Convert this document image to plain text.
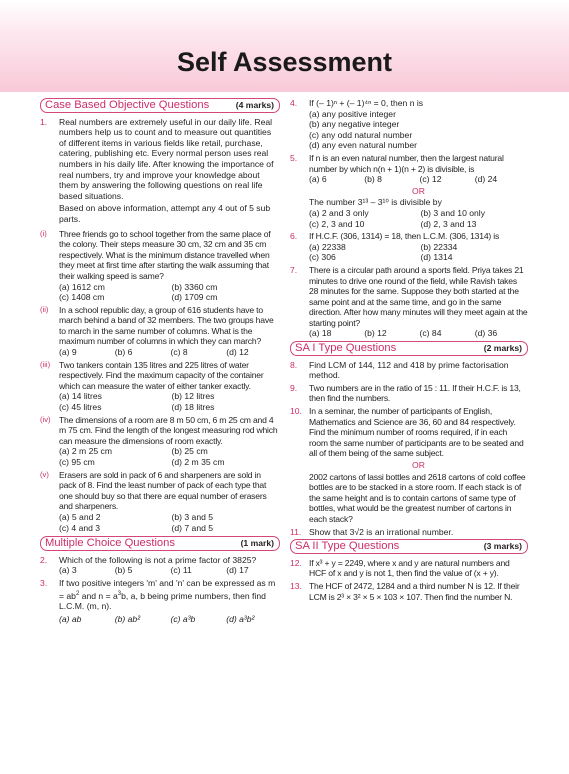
Self Assessment
Case Based Objective Questions	(4 marks)
1.	Real numbers are extremely useful in our daily life. Real numbers help us to count and to measure out quantities of different items in various fields like retail, purchase, catering, publishing etc. Every normal person uses real numbers in his daily life. After knowing the importance of real numbers, try and improve your knowledge about them by answering the following questions on real life based situations.
Based on above information, attempt any 4 out of 5 sub parts.
(i)	Three friends go to school together from the same place of the colony. Their steps measure 30 cm, 32 cm and 35 cm respectively. What is the minimum distance travelled when they meet at first time after starting the walk assuming that their walking speed is same?
(a) 1612 cm	(b) 3360 cm
(c) 1408 cm	(d) 1709 cm
(ii)	In a school republic day, a group of 616 students have to march behind a band of 32 members. The two groups have to march in the same number of columns. What is the maximum number of columns in which they can march?
(a) 9	(b) 6	(c) 8	(d) 12
(iii)	Two tankers contain 135 litres and 225 litres of water respectively. Find the maximum capacity of the container which can measure the water of either tanker exactly.
(a) 14 litres	(b) 12 litres
(c) 45 litres	(d) 18 litres
(iv) The dimensions of a room are 8 m 50 cm, 6 m 25 cm and 4 m 75 cm. Find the length of the longest measuring rod which can measure the dimensions of room exactly.
(a) 2 m 25 cm	(b) 25 cm
(c) 95 cm	(d) 2 m 35 cm
(v)	Erasers are sold in pack of 6 and sharpeners are sold in pack of 8. Find the least number of pack of each type that one should buy so that there are equal number of erasers and sharpeners.
(a) 5 and 2	(b) 3 and 5
(c) 4 and 3	(d) 7 and 5
Multiple Choice Questions	(1 mark)
2.	Which of the following is not a prime factor of 3825?
(a) 3	(b) 5	(c) 11	(d) 17
3.	If two positive integers 'm' and 'n' can be expressed as $m = ab^2$ and $n = a^3b$, a, b being prime numbers, then find L.C.M. (m, n).
(a) ab	(b) ab²	(c) a³b	(d) a³b²
4.	If (– 1)ⁿ + (– 1)⁴ⁿ = 0, then n is
(a) any positive integer
(b) any negative integer
(c) any odd natural number
(d) any even natural number
5.	If n is an even natural number, then the largest natural number by which n(n + 1)(n + 2) is divisible, is
(a) 6	(b) 8	(c) 12	(d) 24
OR
The number 3¹³ – 3¹⁰ is divisible by
(a) 2 and 3 only	(b) 3 and 10 only
(c) 2, 3 and 10	(d) 2, 3 and 13
6.	If H.C.F. (306, 1314) = 18, then L.C.M. (306, 1314) is
(a) 22338	(b) 22334
(c) 306	(d) 1314
7.	There is a circular path around a sports field. Priya takes 21 minutes to drive one round of the field, while Ravish takes 28 minutes for the same. Suppose they both started at the same point and at the same time, and go in the same direction. After how many minutes will they meet again at the starting point?
(a) 18	(b) 12	(c) 84	(d) 36
SA I Type Questions	(2 marks)
8.	Find LCM of 144, 112 and 418 by prime factorisation method.
9.	Two numbers are in the ratio of 15 : 11. If their H.C.F. is 13, then find the numbers.
10. In a seminar, the number of participants of English, Mathematics and Science are 36, 60 and 84 respectively. Find the minimum number of rooms required, if in each room the same number of participants are to be seated and all of them being of the same subject.
OR
2002 cartons of lassi bottles and 2618 cartons of cold coffee bottles are to be stacked in a store room. If each stack is of the same height and is to contain cartons of same type of bottles, what would be the greatest number of cartons in each stack?
11. Show that 3√2 is an irrational number.
SA II Type Questions	(3 marks)
12. If x³ + y = 2249, where x and y are natural numbers and HCF of x and y is not 1, then find the value of (x + y).
13. The HCF of 2472, 1284 and a third number N is 12. If their LCM is 2³ × 3² × 5 × 103 × 107. Then find the number N.
